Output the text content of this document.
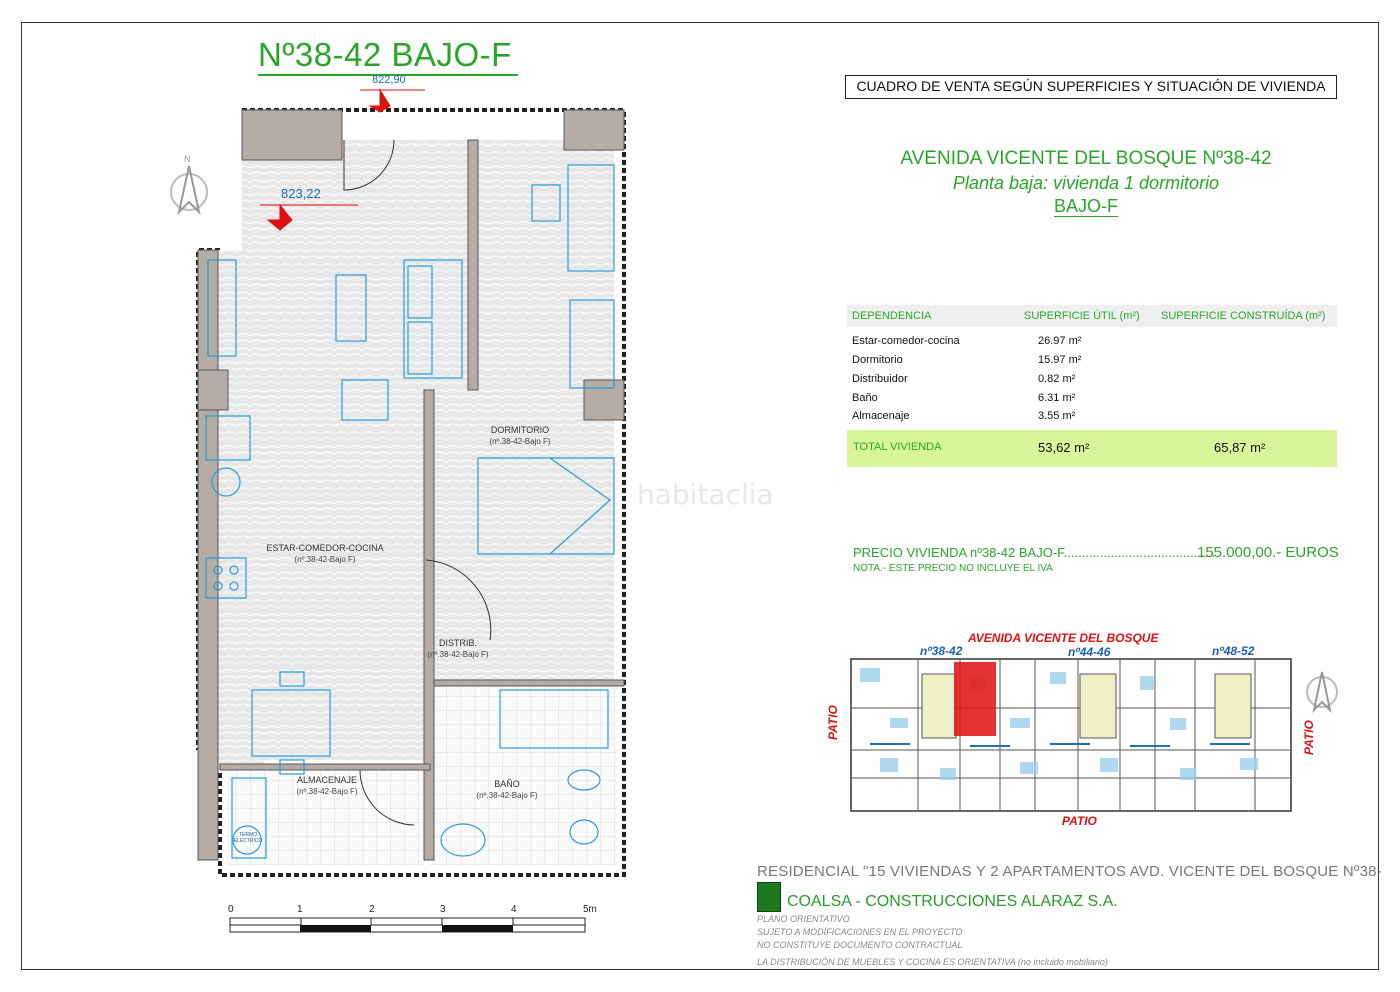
Nº38-42 BAJO-F
822,90
823,22
DORMITORIO
(nº.38-42-Bajo F)
ESTAR-COMEDOR-COCINA
(nº.38-42-Bajo F)
DISTRIB.
(nº.38-42-Bajo F)
ALMACENAJE
(nº.38-42-Bajo F)
BAÑO
(nº.38-42-Bajo F)
TERMO ELECTRICO
N
0	1	2	3	4	5m
habitaclia
CUADRO DE VENTA SEGÚN SUPERFICIES Y SITUACIÓN DE VIVIENDA
AVENIDA VICENTE DEL BOSQUE Nº38-42
Planta baja: vivienda 1 dormitorio
BAJO-F
DEPENDENCIA	SUPERFICIE ÚTIL (m²) SUPERFICIE CONSTRUÍDA (m²)
Estar-comedor-cocina	26.97 m²
Dormitorio	15.97 m²
Distribuidor	0.82 m²
Baño	6.31 m²
Almacenaje	3.55 m²
TOTAL VIVIENDA	53,62 m²	65,87 m²
PRECIO VIVIENDA nº38-42 BAJO-F..........................................
155.000,00.- EUROS
NOTA.- ESTE PRECIO NO INCLUYE EL IVA
AVENIDA VICENTE DEL BOSQUE
nº38-42	nº44-46	nº48-52
PATIO	PATIO
PATIO
RESIDENCIAL "15 VIVIENDAS Y 2 APARTAMENTOS AVD. VICENTE DEL BOSQUE Nº38-
COALSA - CONSTRUCCIONES ALARAZ S.A.
PLANO ORIENTATIVO
SUJETO A MODIFICACIONES EN EL PROYECTO
NO CONSTITUYE DOCUMENTO CONTRACTUAL
LA DISTRIBUCIÓN DE MUEBLES Y COCINA ES ORIENTATIVA (no incluido mobiliario)
